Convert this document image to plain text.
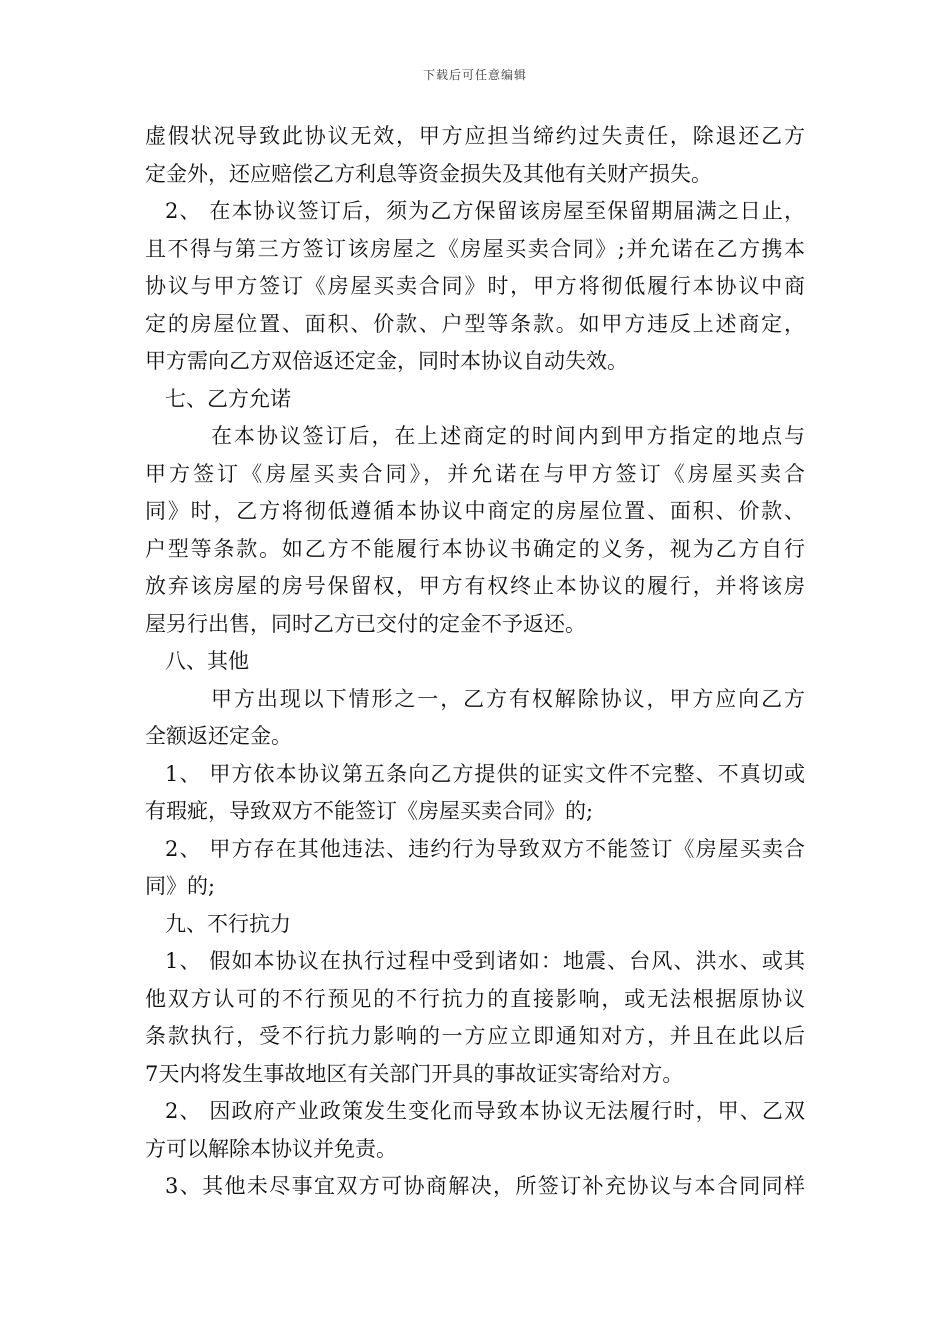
下载后可任意编辑
虚假状况导致此协议无效，甲方应担当缔约过失责任，除退还乙方
定金外，还应赔偿乙方利息等资金损失及其他有关财产损失。
2、 在本协议签订后，须为乙方保留该房屋至保留期届满之日止，
且不得与第三方签订该房屋之《房屋买卖合同》;并允诺在乙方携本
协议与甲方签订《房屋买卖合同》时，甲方将彻低履行本协议中商
定的房屋位置、面积、价款、户型等条款。如甲方违反上述商定，
甲方需向乙方双倍返还定金，同时本协议自动失效。
七、乙方允诺
在本协议签订后，在上述商定的时间内到甲方指定的地点与
甲方签订《房屋买卖合同》，并允诺在与甲方签订《房屋买卖合
同》时，乙方将彻低遵循本协议中商定的房屋位置、面积、价款、
户型等条款。如乙方不能履行本协议书确定的义务，视为乙方自行
放弃该房屋的房号保留权，甲方有权终止本协议的履行，并将该房
屋另行出售，同时乙方已交付的定金不予返还。
八、其他
甲方出现以下情形之一，乙方有权解除协议，甲方应向乙方
全额返还定金。
1、 甲方依本协议第五条向乙方提供的证实文件不完整、不真切或
有瑕疵，导致双方不能签订《房屋买卖合同》的;
2、 甲方存在其他违法、违约行为导致双方不能签订《房屋买卖合
同》的;
九、不行抗力
1、 假如本协议在执行过程中受到诸如：地震、台风、洪水、或其
他双方认可的不行预见的不行抗力的直接影响，或无法根据原协议
条款执行，受不行抗力影响的一方应立即通知对方，并且在此以后
7天内将发生事故地区有关部门开具的事故证实寄给对方。
2、 因政府产业政策发生变化而导致本协议无法履行时，甲、乙双
方可以解除本协议并免责。
3、其他未尽事宜双方可协商解决，所签订补充协议与本合同同样
